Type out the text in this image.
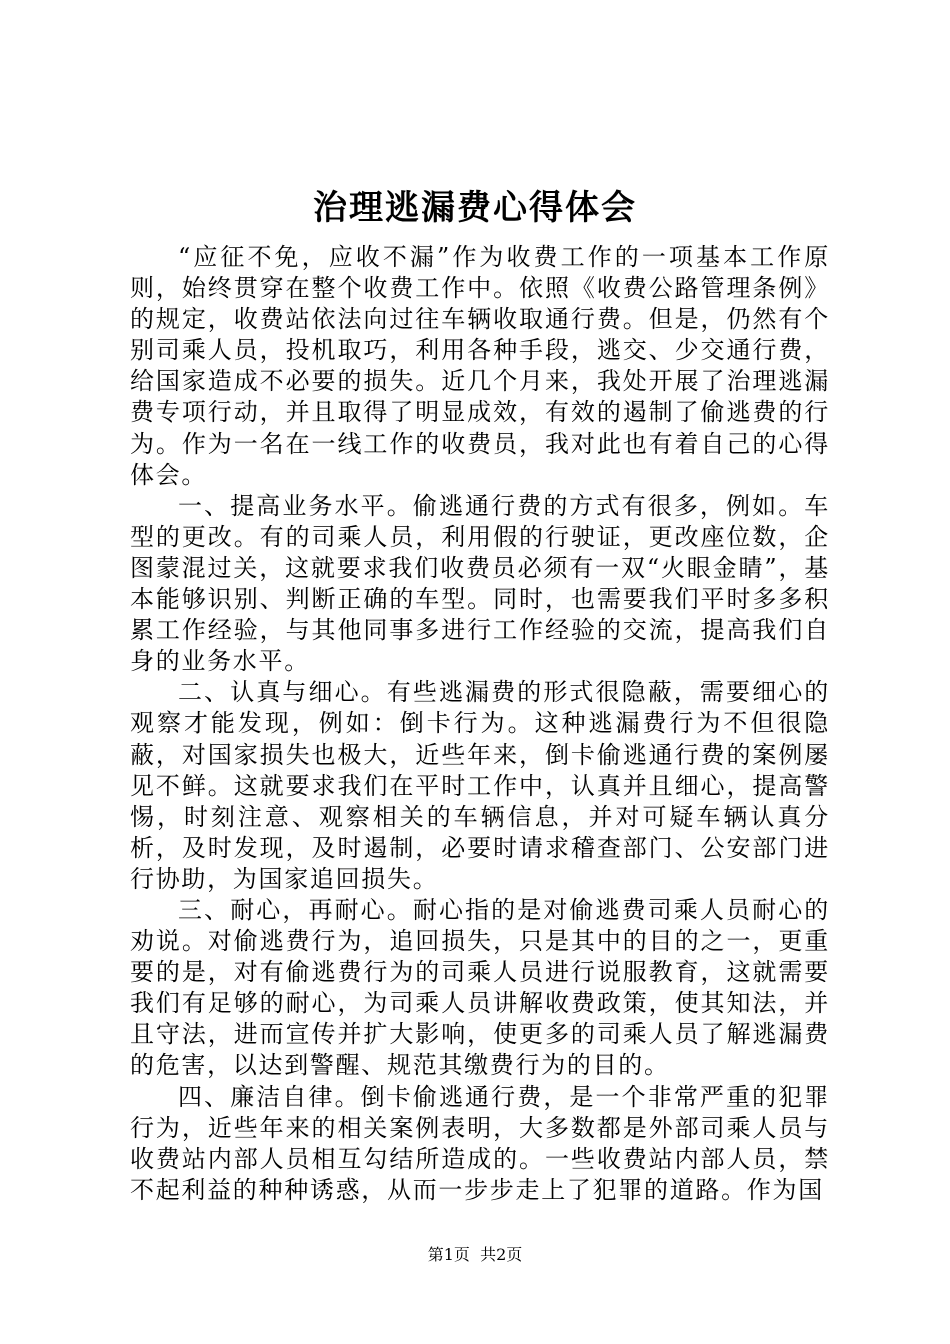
治理逃漏费心得体会

“应征不免，应收不漏”作为收费工作的一项基本工作原则，始终贯穿在整个收费工作中。依照《收费公路管理条例》的规定，收费站依法向过往车辆收取通行费。但是，仍然有个别司乘人员，投机取巧，利用各种手段，逃交、少交通行费，给国家造成不必要的损失。近几个月来，我处开展了治理逃漏费专项行动，并且取得了明显成效，有效的遏制了偷逃费的行为。作为一名在一线工作的收费员，我对此也有着自己的心得体会。

一、提高业务水平。偷逃通行费的方式有很多，例如。车型的更改。有的司乘人员，利用假的行驶证，更改座位数，企图蒙混过关，这就要求我们收费员必须有一双“火眼金睛”，基本能够识别、判断正确的车型。同时，也需要我们平时多多积累工作经验，与其他同事多进行工作经验的交流，提高我们自身的业务水平。

二、认真与细心。有些逃漏费的形式很隐蔽，需要细心的观察才能发现，例如：倒卡行为。这种逃漏费行为不但很隐蔽，对国家损失也极大，近些年来，倒卡偷逃通行费的案例屡见不鲜。这就要求我们在平时工作中，认真并且细心，提高警惕，时刻注意、观察相关的车辆信息，并对可疑车辆认真分析，及时发现，及时遏制，必要时请求稽查部门、公安部门进行协助，为国家追回损失。

三、耐心，再耐心。耐心指的是对偷逃费司乘人员耐心的劝说。对偷逃费行为，追回损失，只是其中的目的之一，更重要的是，对有偷逃费行为的司乘人员进行说服教育，这就需要我们有足够的耐心，为司乘人员讲解收费政策，使其知法，并且守法，进而宣传并扩大影响，使更多的司乘人员了解逃漏费的危害，以达到警醒、规范其缴费行为的目的。

四、廉洁自律。倒卡偷逃通行费，是一个非常严重的犯罪行为，近些年来的相关案例表明，大多数都是外部司乘人员与收费站内部人员相互勾结所造成的。一些收费站内部人员，禁不起利益的种种诱惑，从而一步步走上了犯罪的道路。作为国

第1页 共2页
